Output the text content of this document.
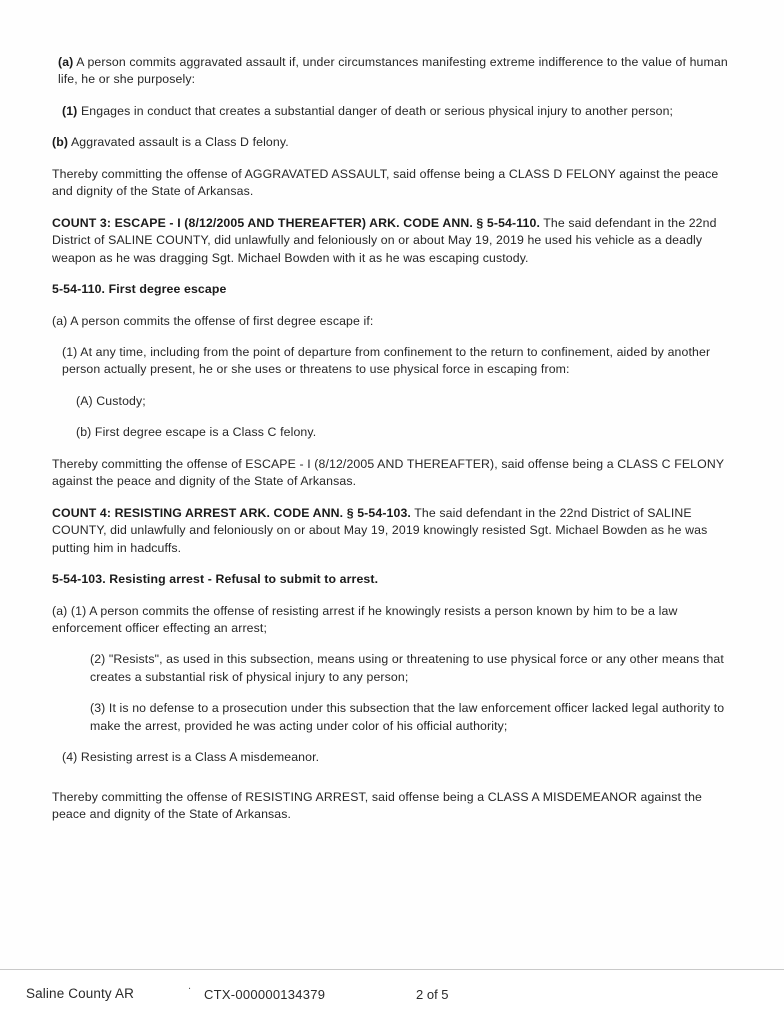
(a) A person commits aggravated assault if, under circumstances manifesting extreme indifference to the value of human life, he or she purposely:

(1) Engages in conduct that creates a substantial danger of death or serious physical injury to another person;

(b) Aggravated assault is a Class D felony.

Thereby committing the offense of AGGRAVATED ASSAULT, said offense being a CLASS D FELONY against the peace and dignity of the State of Arkansas.

COUNT 3: ESCAPE - I (8/12/2005 AND THEREAFTER) ARK. CODE ANN. § 5-54-110. The said defendant in the 22nd District of SALINE COUNTY, did unlawfully and feloniously on or about May 19, 2019 he used his vehicle as a deadly weapon as he was dragging Sgt. Michael Bowden with it as he was escaping custody.

5-54-110. First degree escape

(a) A person commits the offense of first degree escape if:

(1) At any time, including from the point of departure from confinement to the return to confinement, aided by another person actually present, he or she uses or threatens to use physical force in escaping from:

(A) Custody;

(b) First degree escape is a Class C felony.

Thereby committing the offense of ESCAPE - I (8/12/2005 AND THEREAFTER), said offense being a CLASS C FELONY against the peace and dignity of the State of Arkansas.

COUNT 4: RESISTING ARREST ARK. CODE ANN. § 5-54-103. The said defendant in the 22nd District of SALINE COUNTY, did unlawfully and feloniously on or about May 19, 2019 knowingly resisted Sgt. Michael Bowden as he was putting him in hadcuffs.

5-54-103. Resisting arrest - Refusal to submit to arrest.

(a) (1) A person commits the offense of resisting arrest if he knowingly resists a person known by him to be a law enforcement officer effecting an arrest;

(2) "Resists", as used in this subsection, means using or threatening to use physical force or any other means that creates a substantial risk of physical injury to any person;

(3) It is no defense to a prosecution under this subsection that the law enforcement officer lacked legal authority to make the arrest, provided he was acting under color of his official authority;

(4) Resisting arrest is a Class A misdemeanor.

Thereby committing the offense of RESISTING ARREST, said offense being a CLASS A MISDEMEANOR against the peace and dignity of the State of Arkansas.

Saline County AR	.
CTX-000000134379	2 of 5
